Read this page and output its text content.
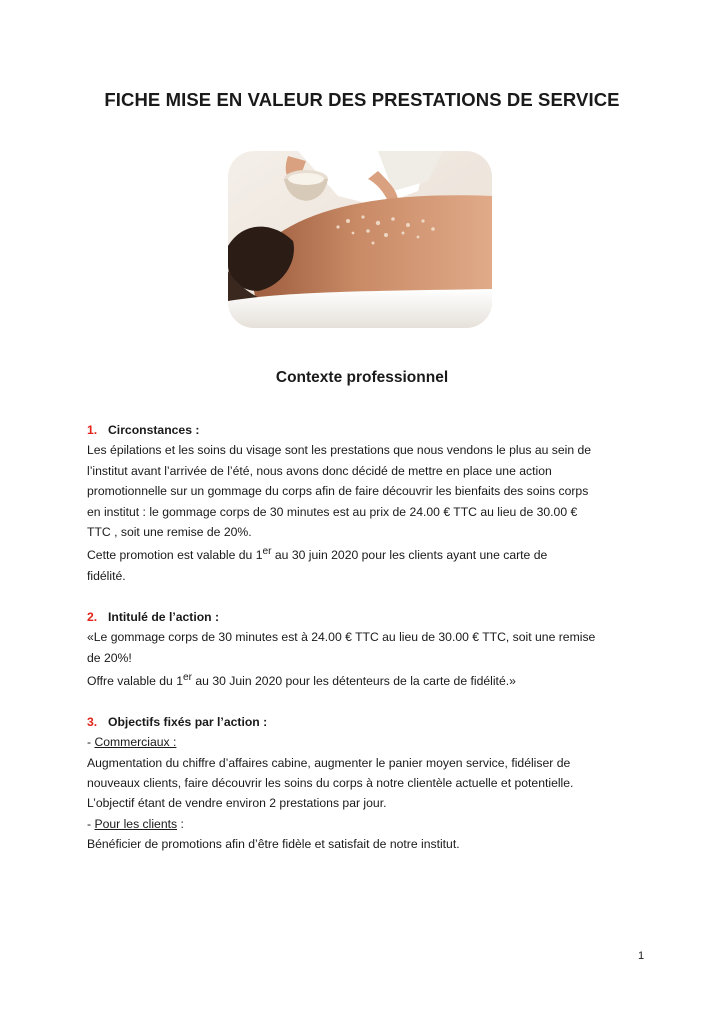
FICHE MISE EN VALEUR DES PRESTATIONS DE SERVICE
Contexte professionnel

1. Circonstances :

Les épilations et les soins du visage sont les prestations que nous vendons le plus au sein de

l’institut avant l’arrivée de l’été, nous avons donc décidé de mettre en place une action

promotionnelle sur un gommage du corps afin de faire découvrir les bienfaits des soins corps

en institut : le gommage corps de 30 minutes est au prix de 24.00 € TTC au lieu de 30.00 €

TTC , soit une remise de 20%.

Cette promotion est valable du 1er au 30 juin 2020 pour les clients ayant une carte de

fidélité.

2. Intitulé de l’action :

«Le gommage corps de 30 minutes est à 24.00 € TTC au lieu de 30.00 € TTC, soit une remise

de 20%!

Offre valable du 1er au 30 Juin 2020 pour les détenteurs de la carte de fidélité.»

3. Objectifs fixés par l’action :

- Commerciaux :

Augmentation du chiffre d’affaires cabine, augmenter le panier moyen service, fidéliser de

nouveaux clients, faire découvrir les soins du corps à notre clientèle actuelle et potentielle.

L’objectif étant de vendre environ 2 prestations par jour.

- Pour les clients :

Bénéficier de promotions afin d’être fidèle et satisfait de notre institut.

1
